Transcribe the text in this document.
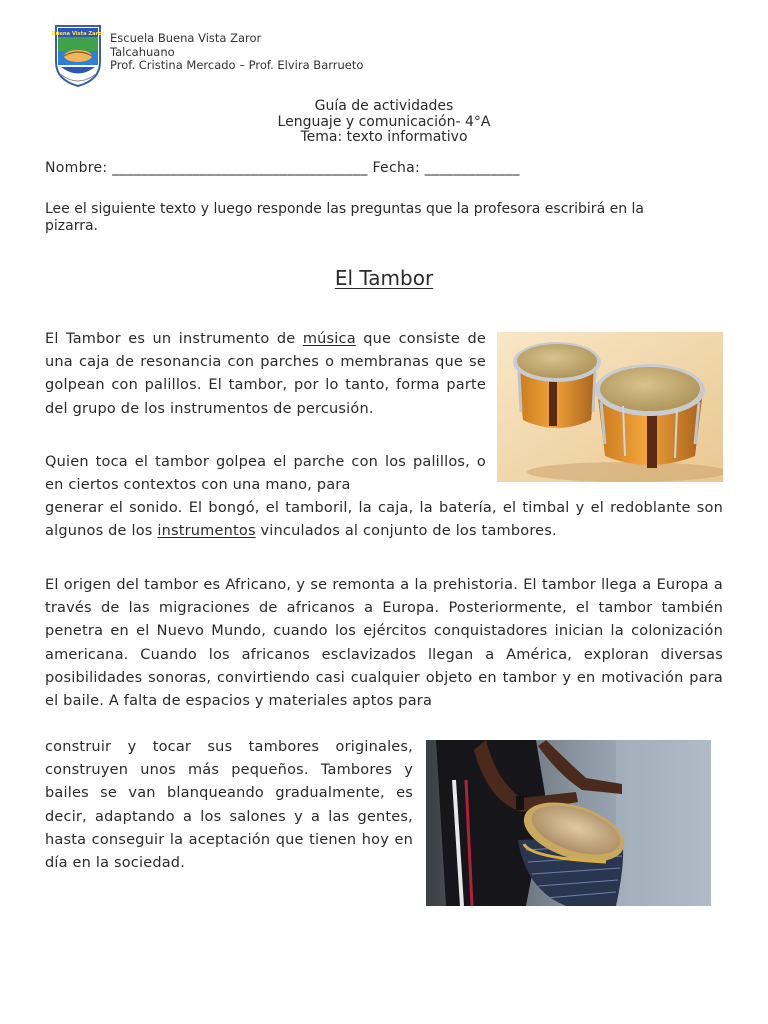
Buena Vista Zaror Escuela Buena Vista Zaror
Talcahuano
Prof. Cristina Mercado – Prof. Elvira Barrueto
Guía de actividades
Lenguaje y comunicación- 4°A
Tema: texto informativo
Nombre: ___________________________________ Fecha: _____________
Lee el siguiente texto y luego responde las preguntas que la profesora escribirá en la pizarra.
El Tambor
El Tambor es un instrumento de música que consiste de una caja de resonancia con parches o membranas que se golpean con palillos. El tambor, por lo tanto, forma parte del grupo de los instrumentos de percusión.
Quien toca el tambor golpea el parche con los palillos, o en ciertos contextos con una mano, para
generar el sonido. El bongó, el tamboril, la caja, la batería, el timbal y el redoblante son algunos de los instrumentos vinculados al conjunto de los tambores.
El origen del tambor es Africano, y se remonta a la prehistoria. El tambor llega a Europa a través de las migraciones de africanos a Europa. Posteriormente, el tambor también penetra en el Nuevo Mundo, cuando los ejércitos conquistadores inician la colonización americana. Cuando los africanos esclavizados llegan a América, exploran diversas posibilidades sonoras, convirtiendo casi cualquier objeto en tambor y en motivación para el baile. A falta de espacios y materiales aptos para
construir y tocar sus tambores originales, construyen unos más pequeños. Tambores y bailes se van blanqueando gradualmente, es decir, adaptando a los salones y a las gentes, hasta conseguir la aceptación que tienen hoy en día en la sociedad.
